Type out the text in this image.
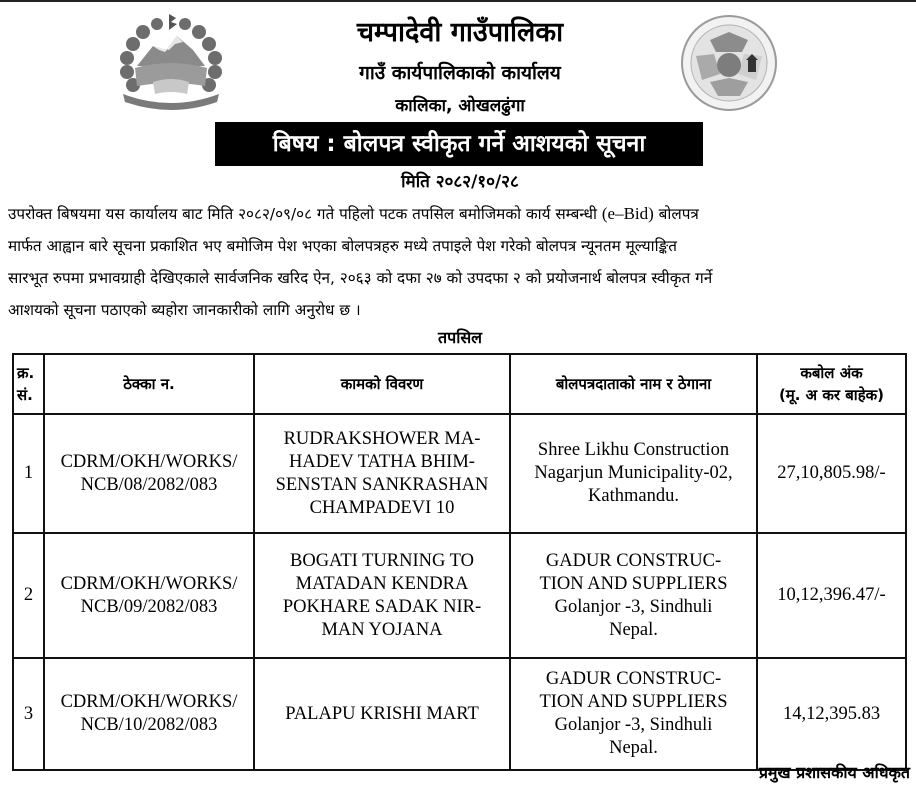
चम्पादेवी गाउँपालिका
गाउँ कार्यपालिकाको कार्यालय
कालिका, ओखलढुंगा
बिषय : बोलपत्र स्वीकृत गर्ने आशयको सूचना
मिति २०८२/१०/२८
उपरोक्त बिषयमा यस कार्यालय बाट मिति २०८२/०९/०८ गते पहिलो पटक तपसिल बमोजिमको कार्य सम्बन्धी (e–Bid) बोलपत्र
मार्फत आह्वान बारे सूचना प्रकाशित भए बमोजिम पेश भएका बोलपत्रहरु मध्ये तपाइले पेश गरेको बोलपत्र न्यूनतम मूल्याङ्कित
सारभूत रुपमा प्रभावग्राही देखिएकाले सार्वजनिक खरिद ऐन, २०६३ को दफा २७ को उपदफा २ को प्रयोजनार्थ बोलपत्र स्वीकृत गर्ने
आशयको सूचना पठाएको ब्यहोरा जानकारीको लागि अनुरोध छ ।
तपसिल
क्र.
सं.	ठेक्का न.	कामको विवरण	बोलपत्रदाताको नाम र ठेगाना	कबोल अंक
(मू. अ कर बाहेक)

1	CDRM/OKH/WORKS/
NCB/08/2082/083	RUDRAKSHOWER MA-
HADEV TATHA BHIM-
SENSTAN SANKRASHAN
CHAMPADEVI 10	Shree Likhu Construction
Nagarjun Municipality-02,
Kathmandu.	27,10,805.98/-
2	CDRM/OKH/WORKS/
NCB/09/2082/083	BOGATI TURNING TO
MATADAN KENDRA
POKHARE SADAK NIR-
MAN YOJANA	GADUR CONSTRUC-
TION AND SUPPLIERS
Golanjor -3, Sindhuli
Nepal.	10,12,396.47/-
3	CDRM/OKH/WORKS/
NCB/10/2082/083	PALAPU KRISHI MART	GADUR CONSTRUC-
TION AND SUPPLIERS
Golanjor -3, Sindhuli
Nepal.	14,12,395.83
प्रमुख प्रशासकीय अधिकृत
